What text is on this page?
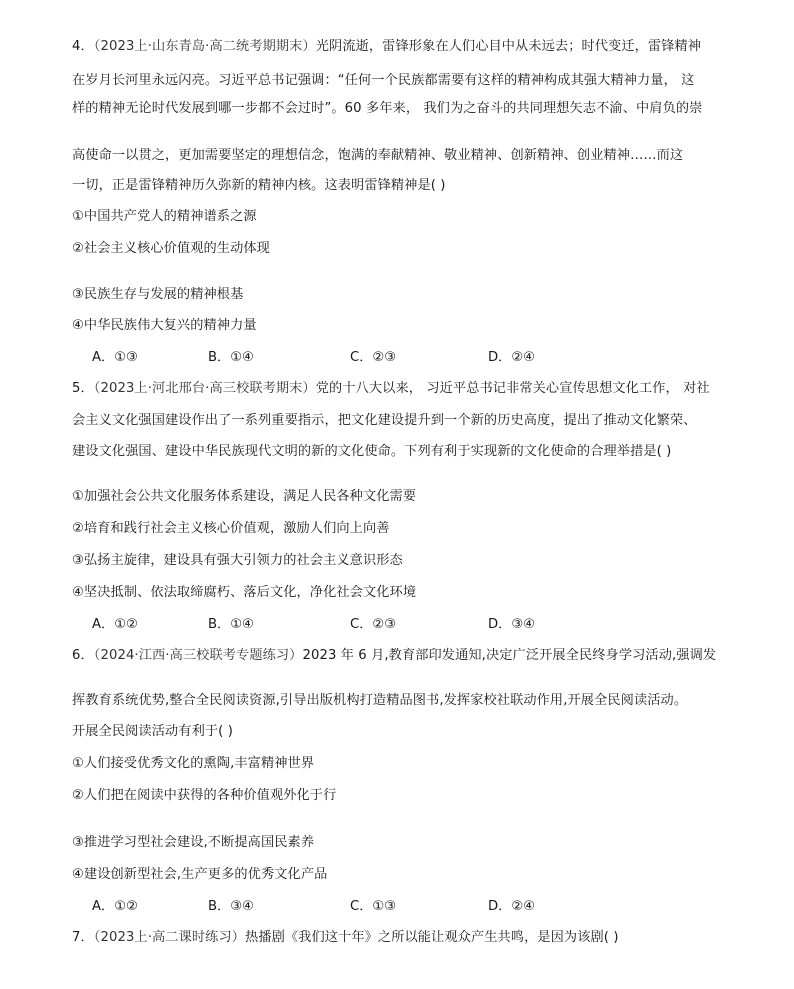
4．（2023上·山东青岛·高二统考期期末）光阴流逝，雷锋形象在人们心目中从未远去；时代变迁，雷锋精神
在岁月长河里永远闪亮。习近平总书记强调：“任何一个民族都需要有这样的精神构成其强大精神力量， 这
样的精神无论时代发展到哪一步都不会过时”。60 多年来， 我们为之奋斗的共同理想矢志不渝、中肩负的崇
高使命一以贯之，更加需要坚定的理想信念，饱满的奉献精神、敬业精神、创新精神、创业精神……而这
一切，正是雷锋精神历久弥新的精神内核。这表明雷锋精神是( )
①中国共产党人的精神谱系之源
②社会主义核心价值观的生动体现
③民族生存与发展的精神根基
④中华民族伟大复兴的精神力量
A．①③	B．①④	C．②③	D．②④
5．（2023上·河北邢台·高三校联考期末）党的十八大以来， 习近平总书记非常关心宣传思想文化工作， 对社
会主义文化强国建设作出了一系列重要指示，把文化建设提升到一个新的历史高度，提出了推动文化繁荣、
建设文化强国、建设中华民族现代文明的新的文化使命。下列有利于实现新的文化使命的合理举措是( )
①加强社会公共文化服务体系建设，满足人民各种文化需要
②培育和践行社会主义核心价值观，激励人们向上向善
③弘扬主旋律，建设具有强大引领力的社会主义意识形态
④坚决抵制、依法取缔腐朽、落后文化，净化社会文化环境
A．①②	B．①④	C．②③	D．③④
6．（2024·江西·高三校联考专题练习）2023 年 6 月,教育部印发通知,决定广泛开展全民终身学习活动,强调发
挥教育系统优势,整合全民阅读资源,引导出版机构打造精品图书,发挥家校社联动作用,开展全民阅读活动。
开展全民阅读活动有利于( )
①人们接受优秀文化的熏陶,丰富精神世界
②人们把在阅读中获得的各种价值观外化于行
③推进学习型社会建设,不断提高国民素养
④建设创新型社会,生产更多的优秀文化产品
A．①②	B．③④	C．①③	D．②④
7．（2023上·高二课时练习）热播剧《我们这十年》之所以能让观众产生共鸣，是因为该剧( )
